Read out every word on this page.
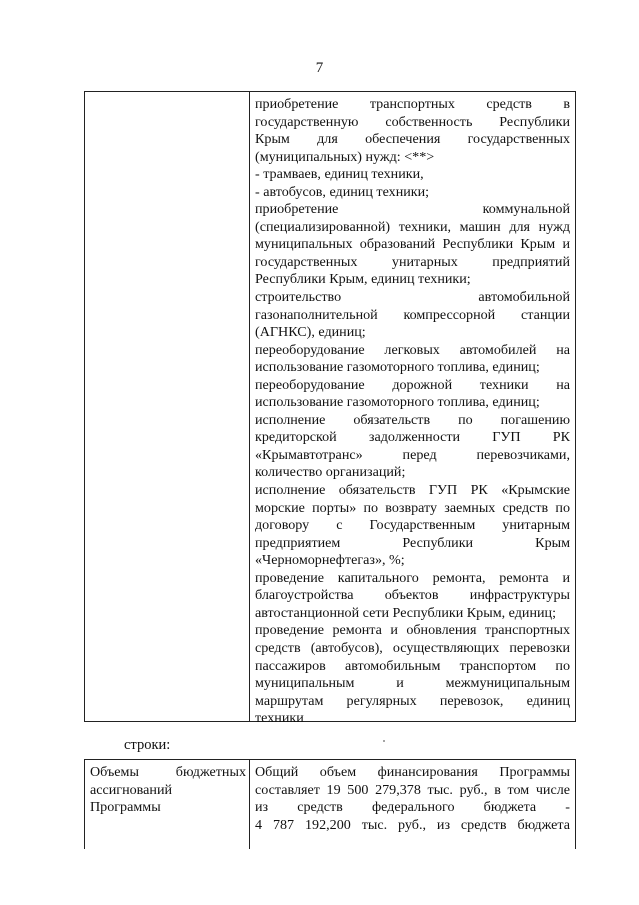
7
приобретение транспортных средств в
государственную собственность Республики
Крым для обеспечения государственных
(муниципальных) нужд: <**>
- трамваев, единиц техники,
- автобусов, единиц техники;
приобретение коммунальной
(специализированной) техники, машин для нужд
муниципальных образований Республики Крым и
государственных унитарных предприятий
Республики Крым, единиц техники;
строительство автомобильной
газонаполнительной компрессорной станции
(АГНКС), единиц;
переоборудование легковых автомобилей на
использование газомоторного топлива, единиц;
переоборудование дорожной техники на
использование газомоторного топлива, единиц;
исполнение обязательств по погашению
кредиторской задолженности ГУП РК
«Крымавтотранс» перед перевозчиками,
количество организаций;
исполнение обязательств ГУП РК «Крымские
морские порты» по возврату заемных средств по
договору с Государственным унитарным
предприятием Республики Крым
«Черноморнефтегаз», %;
проведение капитального ремонта, ремонта и
благоустройства объектов инфраструктуры
автостанционной сети Республики Крым, единиц;
проведение ремонта и обновления транспортных
средств (автобусов), осуществляющих перевозки
пассажиров автомобильным транспортом по
муниципальным и межмуниципальным
маршрутам регулярных перевозок, единиц
техники
строки:
Объемы бюджетных
ассигнований
Программы
Общий объем финансирования Программы
составляет 19 500 279,378 тыс. руб., в том числе
из средств федерального бюджета -
4 787 192,200 тыс. руб., из средств бюджета
